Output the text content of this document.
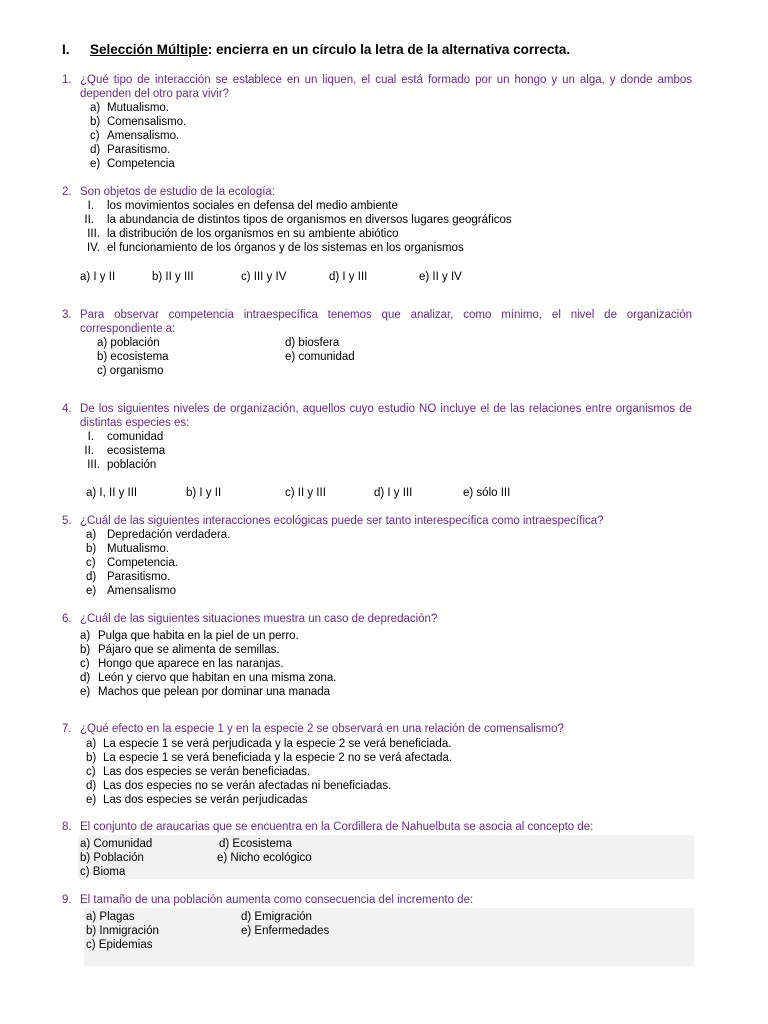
I. Selección Múltiple: encierra en un círculo la letra de la alternativa correcta.
1. ¿Qué tipo de interacción se establece en un liquen, el cual está formado por un hongo y un alga, y donde ambos dependen del otro para vivir?
a) Mutualismo.
b) Comensalismo.
c) Amensalismo.
d) Parasitismo.
e) Competencia
2. Son objetos de estudio de la ecología:
I. los movimientos sociales en defensa del medio ambiente
II. la abundancia de distintos tipos de organismos en diversos lugares geográficos
III. la distribución de los organismos en su ambiente abiótico
IV. el funcionamiento de los órganos y de los sistemas en los organismos
a) I y II	b) II y III	c) III y IV	d) I y III	e) II y IV
3. Para observar competencia intraespecífica tenemos que analizar, como mínimo, el nivel de organización correspondiente a:
a) población
b) ecosistema
c) organismo
d) biosfera
e) comunidad
4. De los siguientes niveles de organización, aquellos cuyo estudio NO incluye el de las relaciones entre organismos de distintas especies es:
I. comunidad
II. ecosistema
III. población
a) I, II y III	b) I y II	c) II y III	d) I y III	e) sólo III
5. ¿Cuál de las siguientes interacciones ecológicas puede ser tanto interespecífica como intraespecífica?
a) Depredación verdadera.
b) Mutualismo.
c) Competencia.
d) Parasitismo.
e) Amensalismo
6. ¿Cuál de las siguientes situaciones muestra un caso de depredación?
a) Pulga que habita en la piel de un perro.
b) Pájaro que se alimenta de semillas.
c) Hongo que aparece en las naranjas.
d) León y ciervo que habitan en una misma zona.
e) Machos que pelean por dominar una manada
7. ¿Qué efecto en la especie 1 y en la especie 2 se observará en una relación de comensalismo?
a) La especie 1 se verá perjudicada y la especie 2 se verá beneficiada.
b) La especie 1 se verá beneficiada y la especie 2 no se verá afectada.
c) Las dos especies se verán beneficiadas.
d) Las dos especies no se verán afectadas ni beneficiadas.
e) Las dos especies se verán perjudicadas
8. El conjunto de araucarias que se encuentra en la Cordillera de Nahuelbuta se asocia al concepto de:
a) Comunidad
b) Población
c) Bioma
d) Ecosistema
e) Nicho ecológico
9. El tamaño de una población aumenta como consecuencia del incremento de:
a) Plagas
b) Inmigración
c) Epidemias
d) Emigración
e) Enfermedades
